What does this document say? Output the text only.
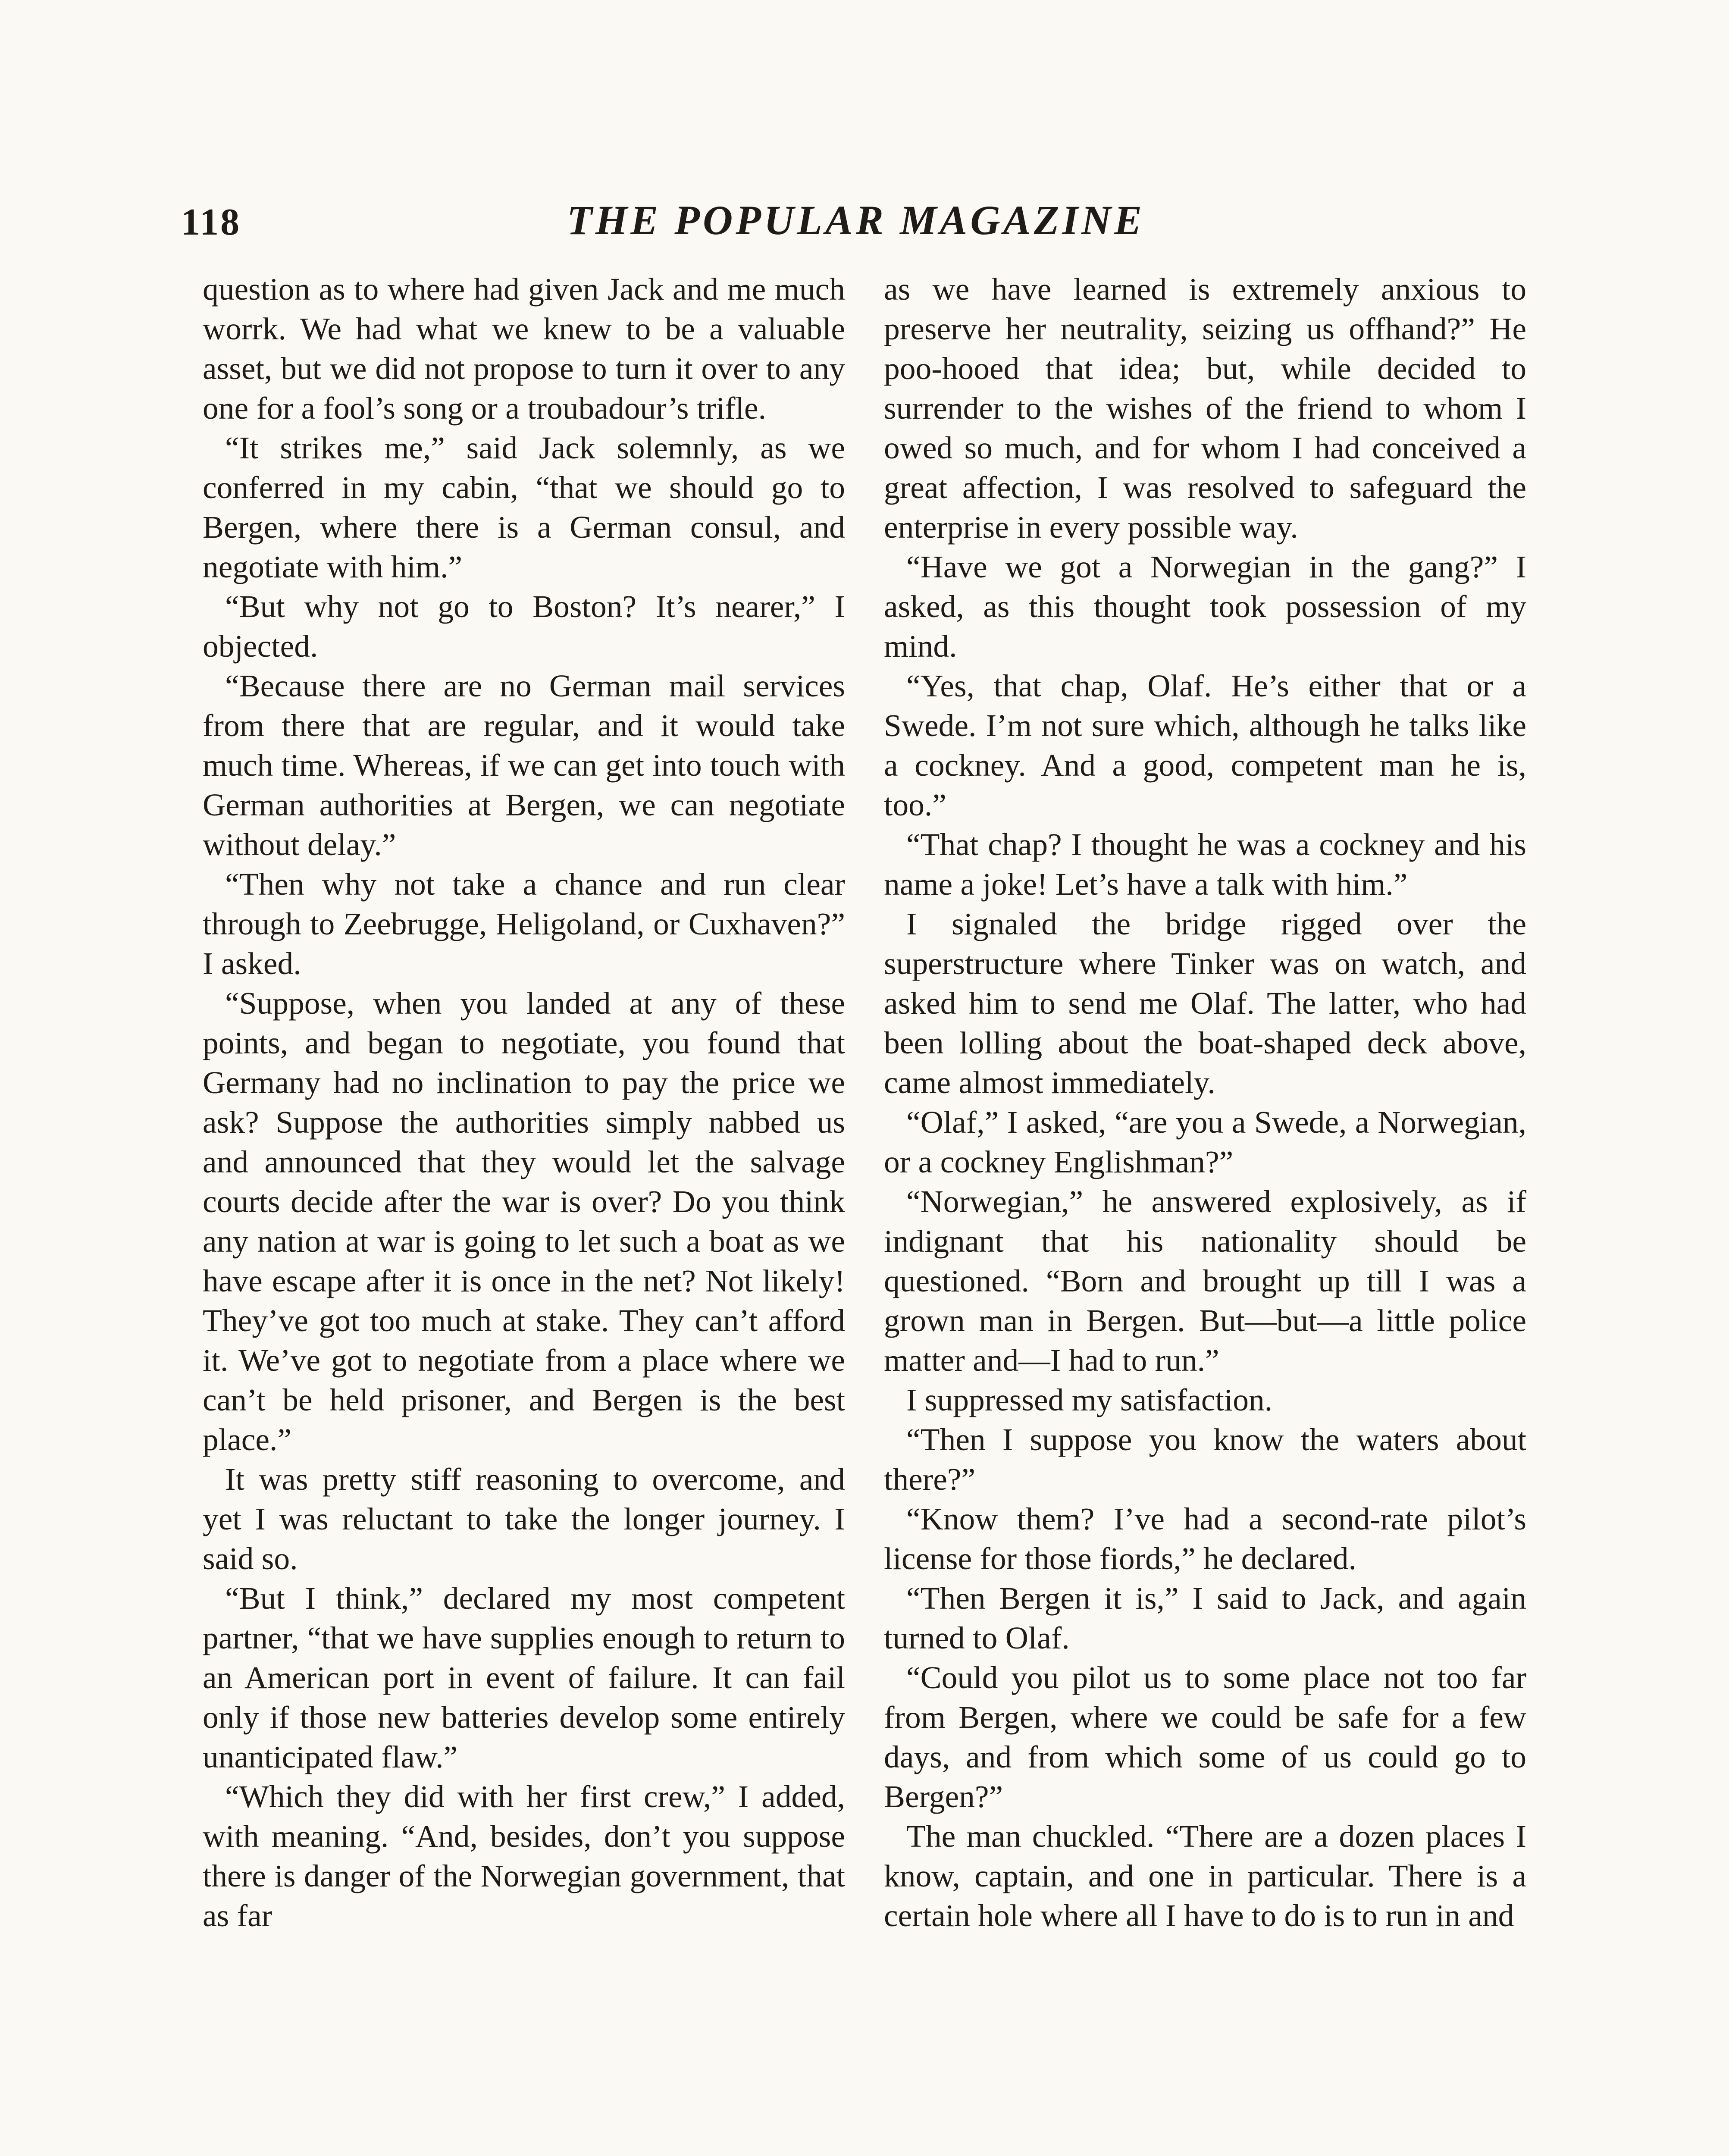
118	THE POPULAR MAGAZINE

question as to where had given Jack and me much worrk. We had what we knew to be a valuable asset, but we did not propose to turn it over to any one for a fool’s song or a troubadour’s trifle.

“It strikes me,” said Jack solemnly, as we conferred in my cabin, “that we should go to Bergen, where there is a German consul, and negotiate with him.”

“But why not go to Boston? It’s nearer,” I objected.

“Because there are no German mail services from there that are regular, and it would take much time. Whereas, if we can get into touch with German authorities at Bergen, we can negotiate without delay.”

“Then why not take a chance and run clear through to Zeebrugge, Heligoland, or Cuxhaven?” I asked.

“Suppose, when you landed at any of these points, and began to negotiate, you found that Germany had no inclination to pay the price we ask? Suppose the authorities simply nabbed us and announced that they would let the salvage courts decide after the war is over? Do you think any nation at war is going to let such a boat as we have escape after it is once in the net? Not likely! They’ve got too much at stake. They can’t afford it. We’ve got to negotiate from a place where we can’t be held prisoner, and Bergen is the best place.”

It was pretty stiff reasoning to overcome, and yet I was reluctant to take the longer journey. I said so.

“But I think,” declared my most competent partner, “that we have supplies enough to return to an American port in event of failure. It can fail only if those new batteries develop some entirely unanticipated flaw.”

“Which they did with her first crew,” I added, with meaning. “And, besides, don’t you suppose there is danger of the Norwegian government, that as far

as we have learned is extremely anxious to preserve her neutrality, seizing us offhand?” He poo-hooed that idea; but, while decided to surrender to the wishes of the friend to whom I owed so much, and for whom I had conceived a great affection, I was resolved to safeguard the enterprise in every possible way.

“Have we got a Norwegian in the gang?” I asked, as this thought took possession of my mind.

“Yes, that chap, Olaf. He’s either that or a Swede. I’m not sure which, although he talks like a cockney. And a good, competent man he is, too.”

“That chap? I thought he was a cockney and his name a joke! Let’s have a talk with him.”

I signaled the bridge rigged over the superstructure where Tinker was on watch, and asked him to send me Olaf. The latter, who had been lolling about the boat-shaped deck above, came almost immediately.

“Olaf,” I asked, “are you a Swede, a Norwegian, or a cockney Englishman?”

“Norwegian,” he answered explosively, as if indignant that his nationality should be questioned. “Born and brought up till I was a grown man in Bergen. But—but—a little police matter and—I had to run.”

I suppressed my satisfaction.

“Then I suppose you know the waters about there?”

“Know them? I’ve had a second-rate pilot’s license for those fiords,” he declared.

“Then Bergen it is,” I said to Jack, and again turned to Olaf.

“Could you pilot us to some place not too far from Bergen, where we could be safe for a few days, and from which some of us could go to Bergen?”

The man chuckled. “There are a dozen places I know, captain, and one in particular. There is a certain hole where all I have to do is to run in and
